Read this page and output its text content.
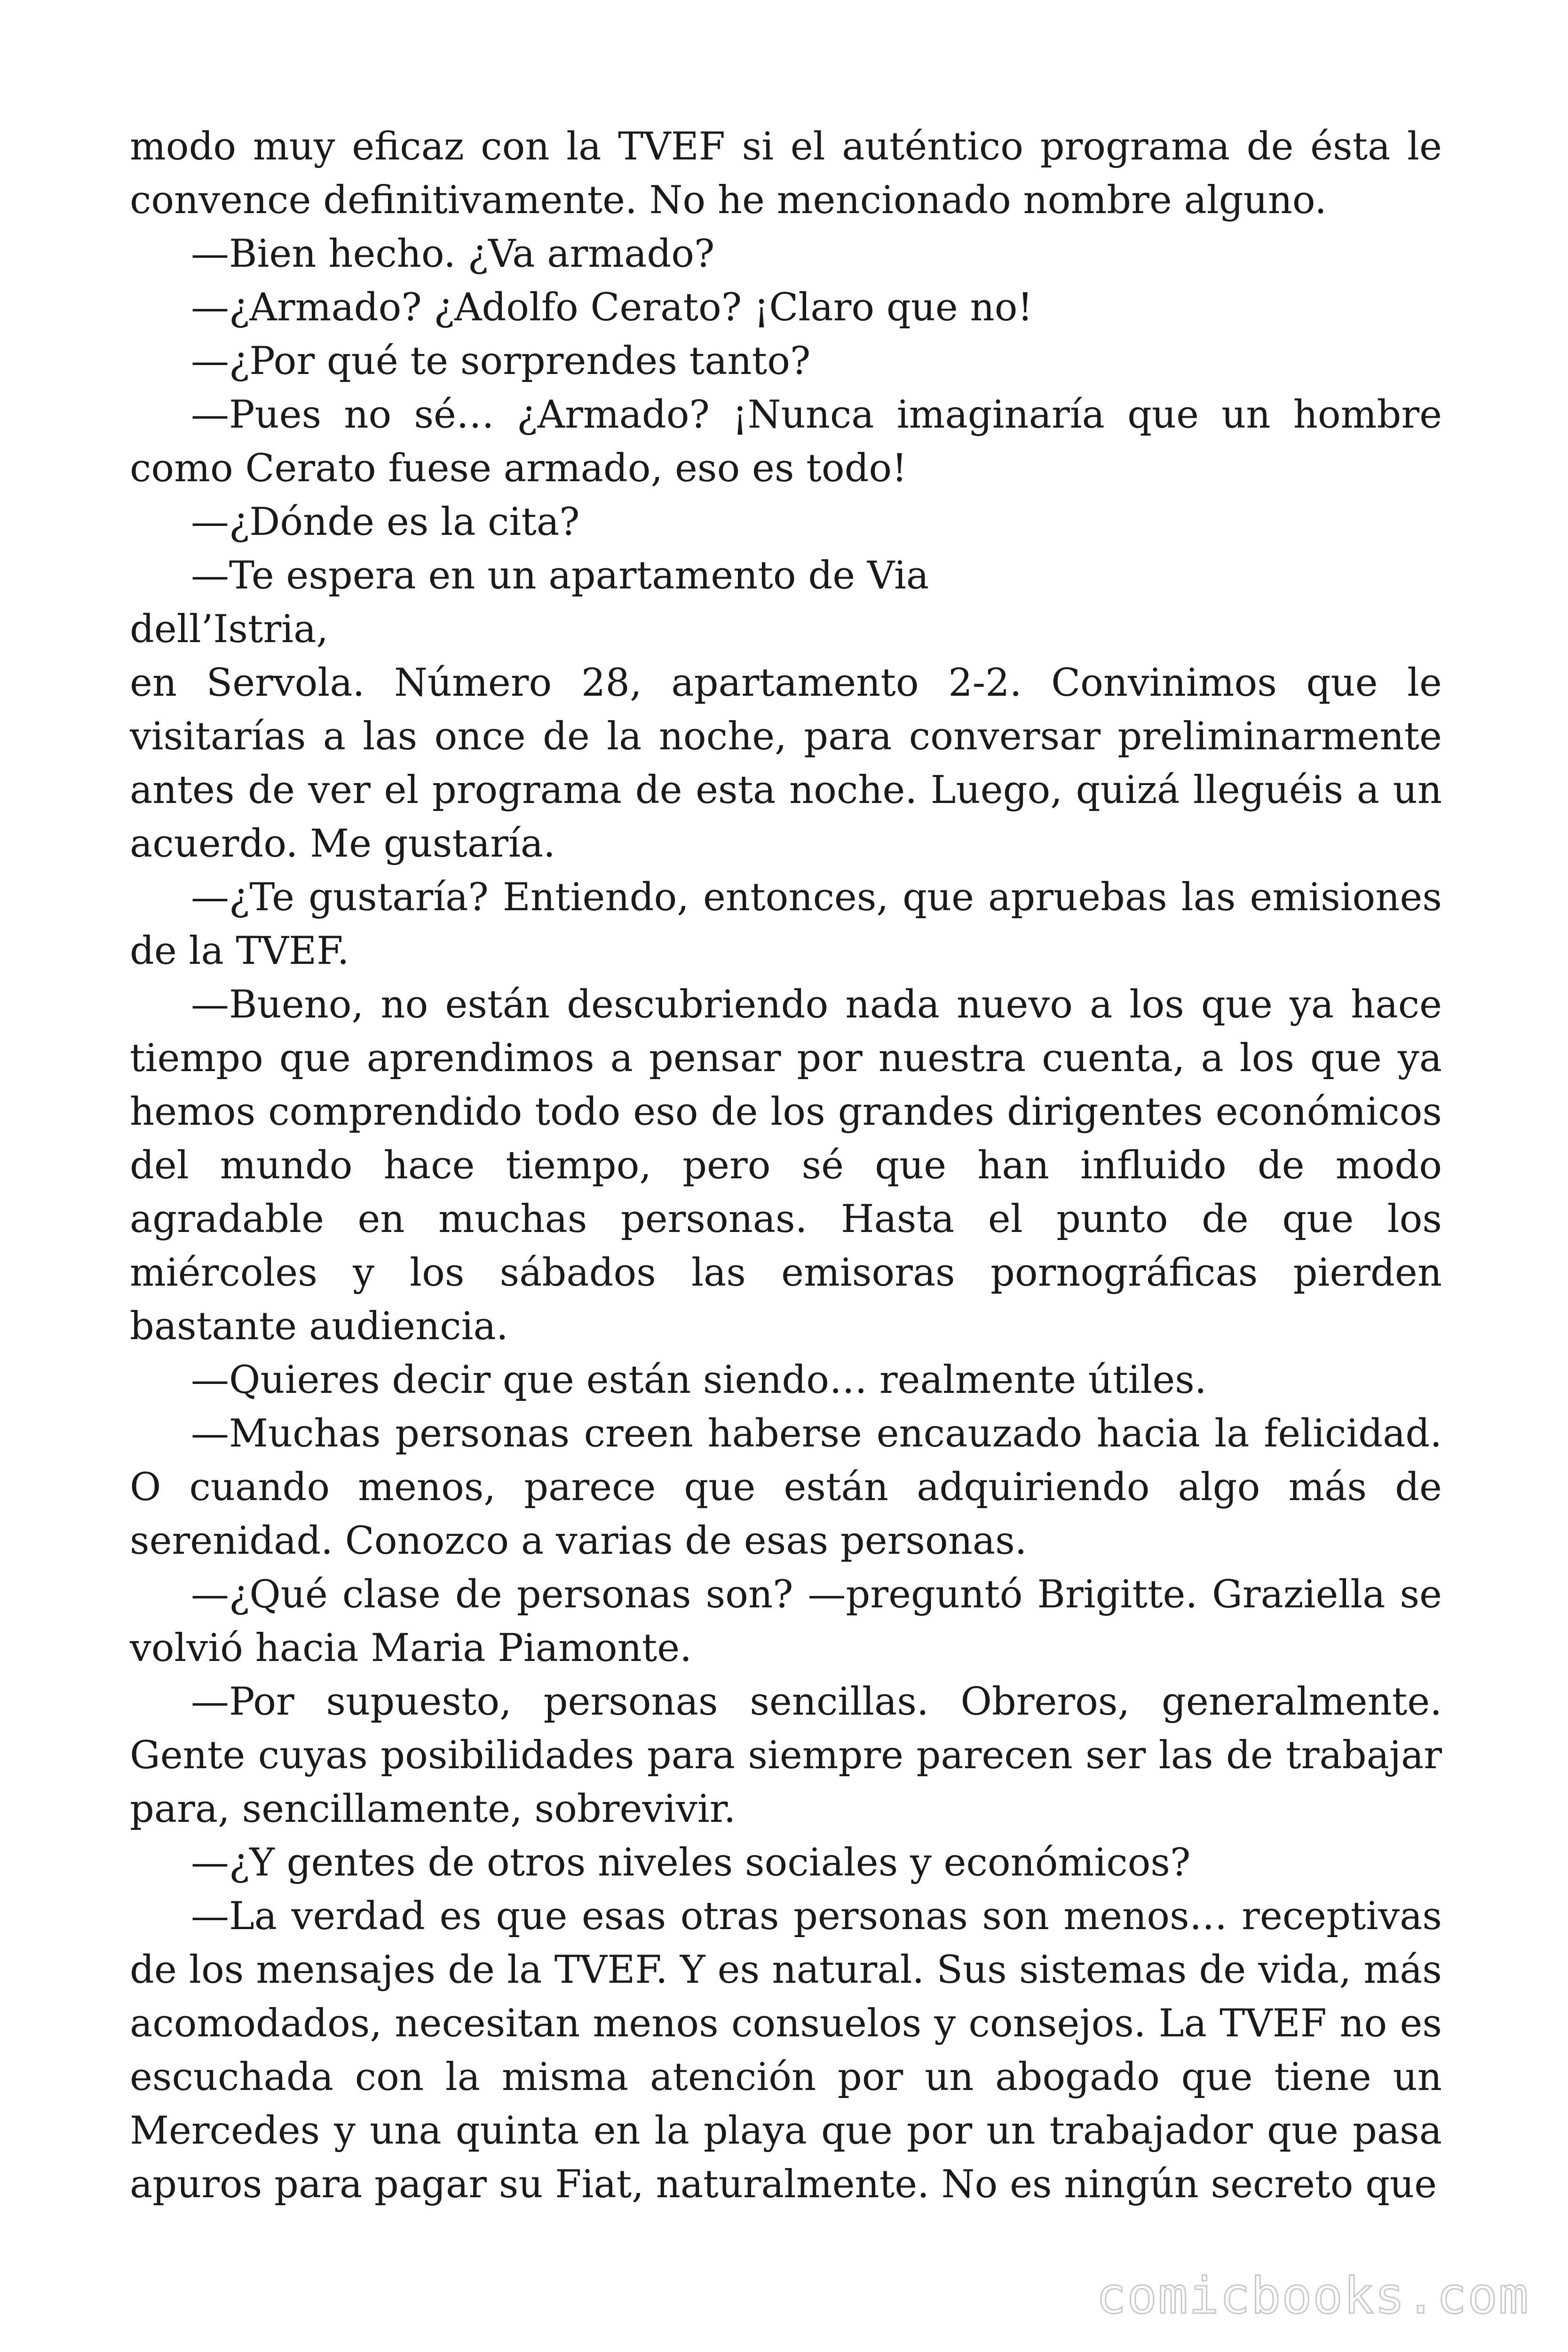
modo muy eficaz con la TVEF si el auténtico programa de ésta le convence definitivamente. No he mencionado nombre alguno.

—Bien hecho. ¿Va armado?

—¿Armado? ¿Adolfo Cerato? ¡Claro que no!

—¿Por qué te sorprendes tanto?

—Pues no sé… ¿Armado? ¡Nunca imaginaría que un hombre como Cerato fuese armado, eso es todo!

—¿Dónde es la cita?

—Te espera en un apartamento de Via

dell’Istria,

en Servola. Número 28, apartamento 2-2. Convinimos que le visitarías a las once de la noche, para conversar preliminarmente antes de ver el programa de esta noche. Luego, quizá lleguéis a un acuerdo. Me gustaría.

—¿Te gustaría? Entiendo, entonces, que apruebas las emisiones de la TVEF.

—Bueno, no están descubriendo nada nuevo a los que ya hace tiempo que aprendimos a pensar por nuestra cuenta, a los que ya hemos comprendido todo eso de los grandes dirigentes económicos del mundo hace tiempo, pero sé que han influido de modo agradable en muchas personas. Hasta el punto de que los miércoles y los sábados las emisoras pornográficas pierden bastante audiencia.

—Quieres decir que están siendo… realmente útiles.

—Muchas personas creen haberse encauzado hacia la felicidad. O cuando menos, parece que están adquiriendo algo más de serenidad. Conozco a varias de esas personas.

—¿Qué clase de personas son? —preguntó Brigitte. Graziella se volvió hacia Maria Piamonte.

—Por supuesto, personas sencillas. Obreros, generalmente. Gente cuyas posibilidades para siempre parecen ser las de trabajar para, sencillamente, sobrevivir.

—¿Y gentes de otros niveles sociales y económicos?

—La verdad es que esas otras personas son menos… receptivas de los mensajes de la TVEF. Y es natural. Sus sistemas de vida, más acomodados, necesitan menos consuelos y consejos. La TVEF no es escuchada con la misma atención por un abogado que tiene un Mercedes y una quinta en la playa que por un trabajador que pasa apuros para pagar su Fiat, naturalmente. No es ningún secreto que

comicbooks.com
